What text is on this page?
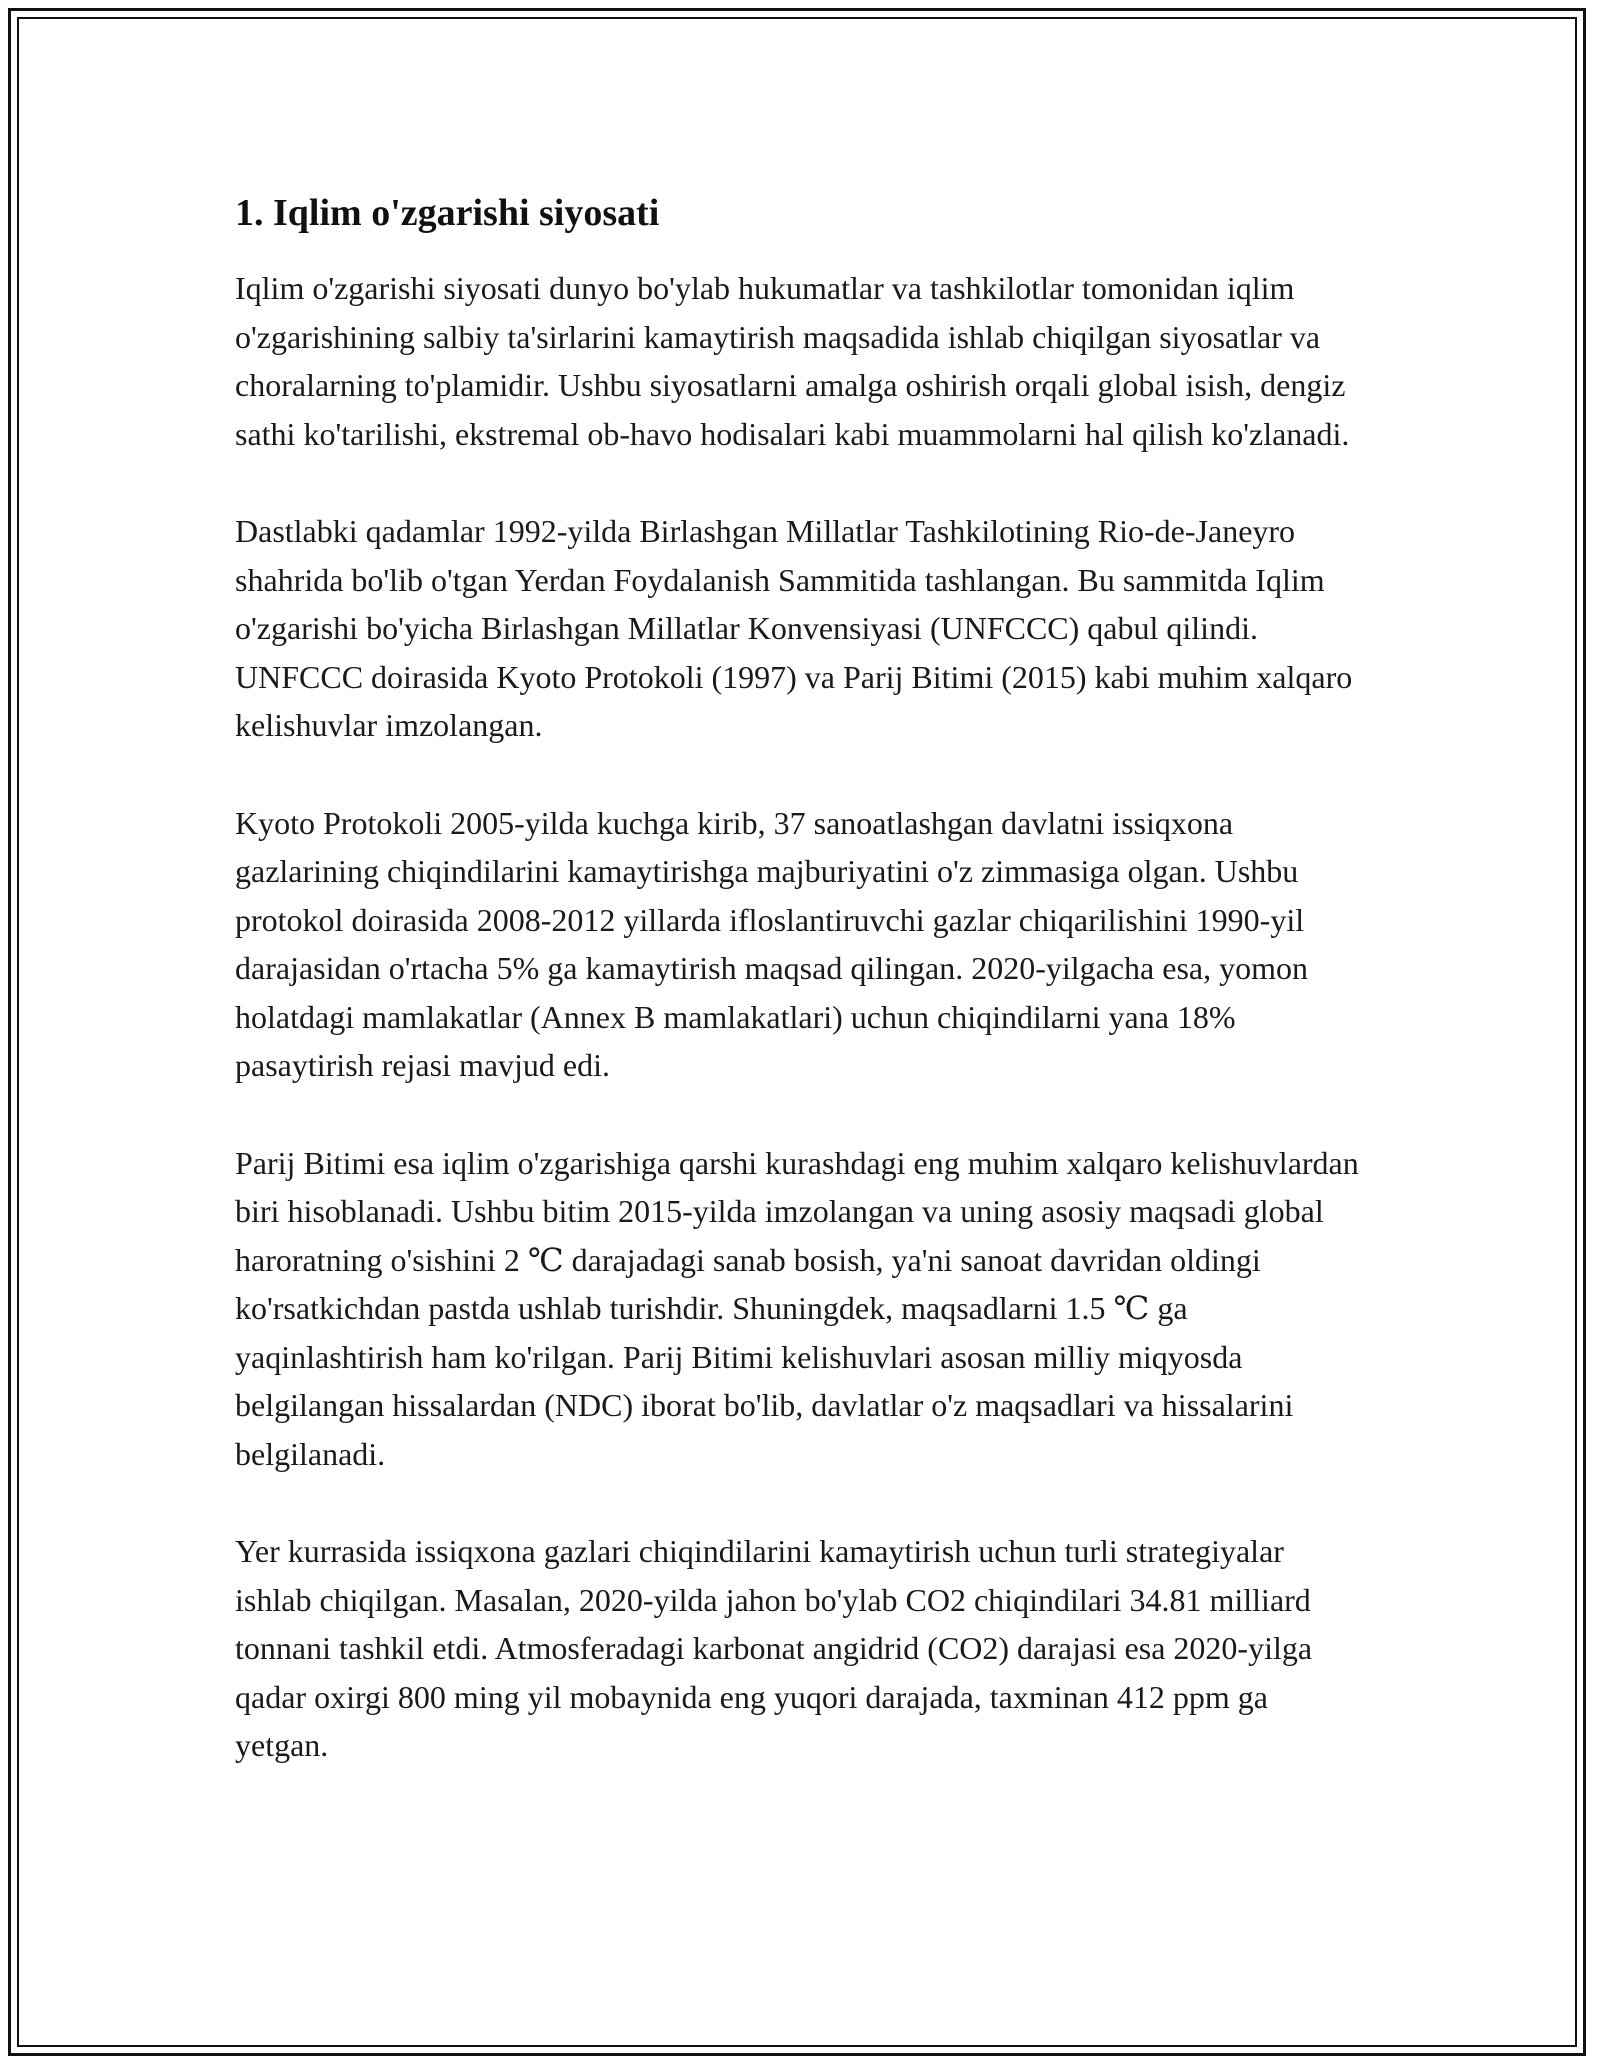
1. Iqlim o'zgarishi siyosati

Iqlim o'zgarishi siyosati dunyo bo'ylab hukumatlar va tashkilotlar tomonidan iqlim o'zgarishining salbiy ta'sirlarini kamaytirish maqsadida ishlab chiqilgan siyosatlar va choralarning to'plamidir. Ushbu siyosatlarni amalga oshirish orqali global isish, dengiz sathi ko'tarilishi, ekstremal ob-havo hodisalari kabi muammolarni hal qilish ko'zlanadi.

Dastlabki qadamlar 1992-yilda Birlashgan Millatlar Tashkilotining Rio-de-Janeyro shahrida bo'lib o'tgan Yerdan Foydalanish Sammitida tashlangan. Bu sammitda Iqlim o'zgarishi bo'yicha Birlashgan Millatlar Konvensiyasi (UNFCCC) qabul qilindi. UNFCCC doirasida Kyoto Protokoli (1997) va Parij Bitimi (2015) kabi muhim xalqaro kelishuvlar imzolangan.

Kyoto Protokoli 2005-yilda kuchga kirib, 37 sanoatlashgan davlatni issiqxona gazlarining chiqindilarini kamaytirishga majburiyatini o'z zimmasiga olgan. Ushbu protokol doirasida 2008-2012 yillarda ifloslantiruvchi gazlar chiqarilishini 1990-yil darajasidan o'rtacha 5% ga kamaytirish maqsad qilingan. 2020-yilgacha esa, yomon holatdagi mamlakatlar (Annex B mamlakatlari) uchun chiqindilarni yana 18% pasaytirish rejasi mavjud edi.

Parij Bitimi esa iqlim o'zgarishiga qarshi kurashdagi eng muhim xalqaro kelishuvlardan biri hisoblanadi. Ushbu bitim 2015-yilda imzolangan va uning asosiy maqsadi global haroratning o'sishini 2 ℃ darajadagi sanab bosish, ya'ni sanoat davridan oldingi ko'rsatkichdan pastda ushlab turishdir. Shuningdek, maqsadlarni 1.5 ℃ ga yaqinlashtirish ham ko'rilgan. Parij Bitimi kelishuvlari asosan milliy miqyosda belgilangan hissalardan (NDC) iborat bo'lib, davlatlar o'z maqsadlari va hissalarini belgilanadi.

Yer kurrasida issiqxona gazlari chiqindilarini kamaytirish uchun turli strategiyalar ishlab chiqilgan. Masalan, 2020-yilda jahon bo'ylab CO2 chiqindilari 34.81 milliard tonnani tashkil etdi. Atmosferadagi karbonat angidrid (CO2) darajasi esa 2020-yilga qadar oxirgi 800 ming yil mobaynida eng yuqori darajada, taxminan 412 ppm ga yetgan.
